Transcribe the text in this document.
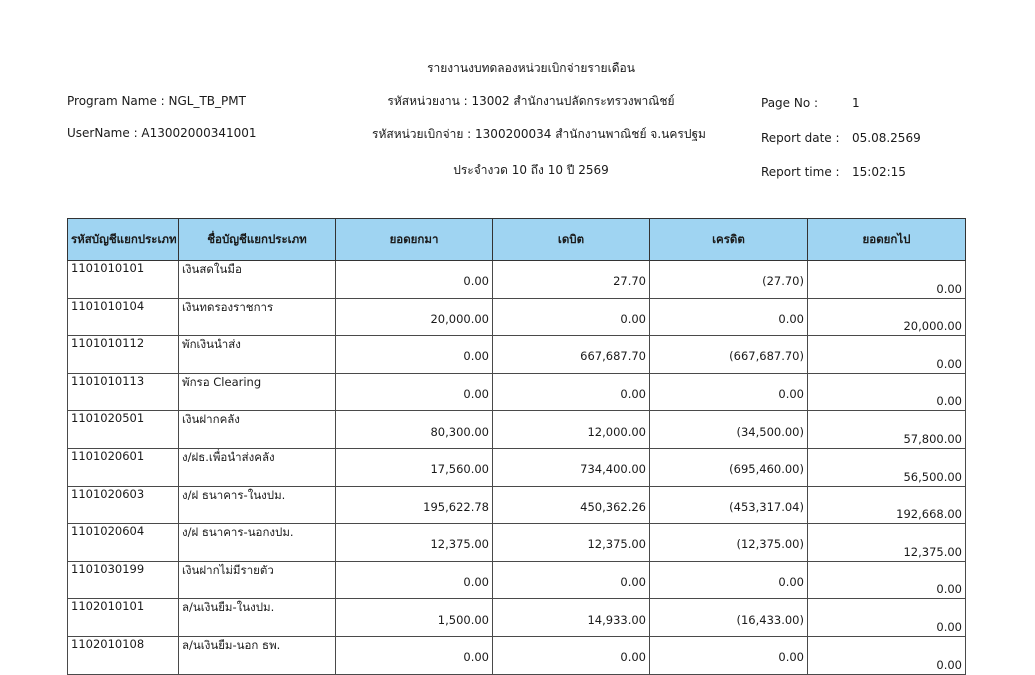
รายงานงบทดลองหน่วยเบิกจ่ายรายเดือน
Program Name : NGL_TB_PMT	รหัสหน่วยงาน : 13002 สำนักงานปลัดกระทรวงพาณิชย์	Page No :	1
UserName : A13002000341001	รหัสหน่วยเบิกจ่าย : 1300200034 สำนักงานพาณิชย์ จ.นครปฐม	Report date : 05.08.2569
ประจำงวด 10 ถึง 10 ปี 2569	Report time : 15:02:15
รหัสบัญชีแยกประเภท	ชื่อบัญชีแยกประเภท	ยอดยกมา	เดบิต	เครดิต	ยอดยกไป
1101010101	เงินสดในมือ	0.00	27.70	(27.70)	0.00
1101010104	เงินทดรองราชการ	20,000.00	0.00	0.00	20,000.00
1101010112	พักเงินนำส่ง	0.00	667,687.70	(667,687.70)	0.00
1101010113	พักรอ Clearing	0.00	0.00	0.00	0.00
1101020501	เงินฝากคลัง	80,300.00	12,000.00	(34,500.00)	57,800.00
1101020601	ง/ฝธ.เพื่อนำส่งคลัง	17,560.00	734,400.00	(695,460.00)	56,500.00
1101020603	ง/ฝ ธนาคาร-ในงปม.	195,622.78	450,362.26	(453,317.04)	192,668.00
1101020604	ง/ฝ ธนาคาร-นอกงปม.	12,375.00	12,375.00	(12,375.00)	12,375.00
1101030199	เงินฝากไม่มีรายตัว	0.00	0.00	0.00	0.00
1102010101	ล/นเงินยืม-ในงปม.	1,500.00	14,933.00	(16,433.00)	0.00
1102010108	ล/นเงินยืม-นอก ธพ.	0.00	0.00	0.00	0.00
